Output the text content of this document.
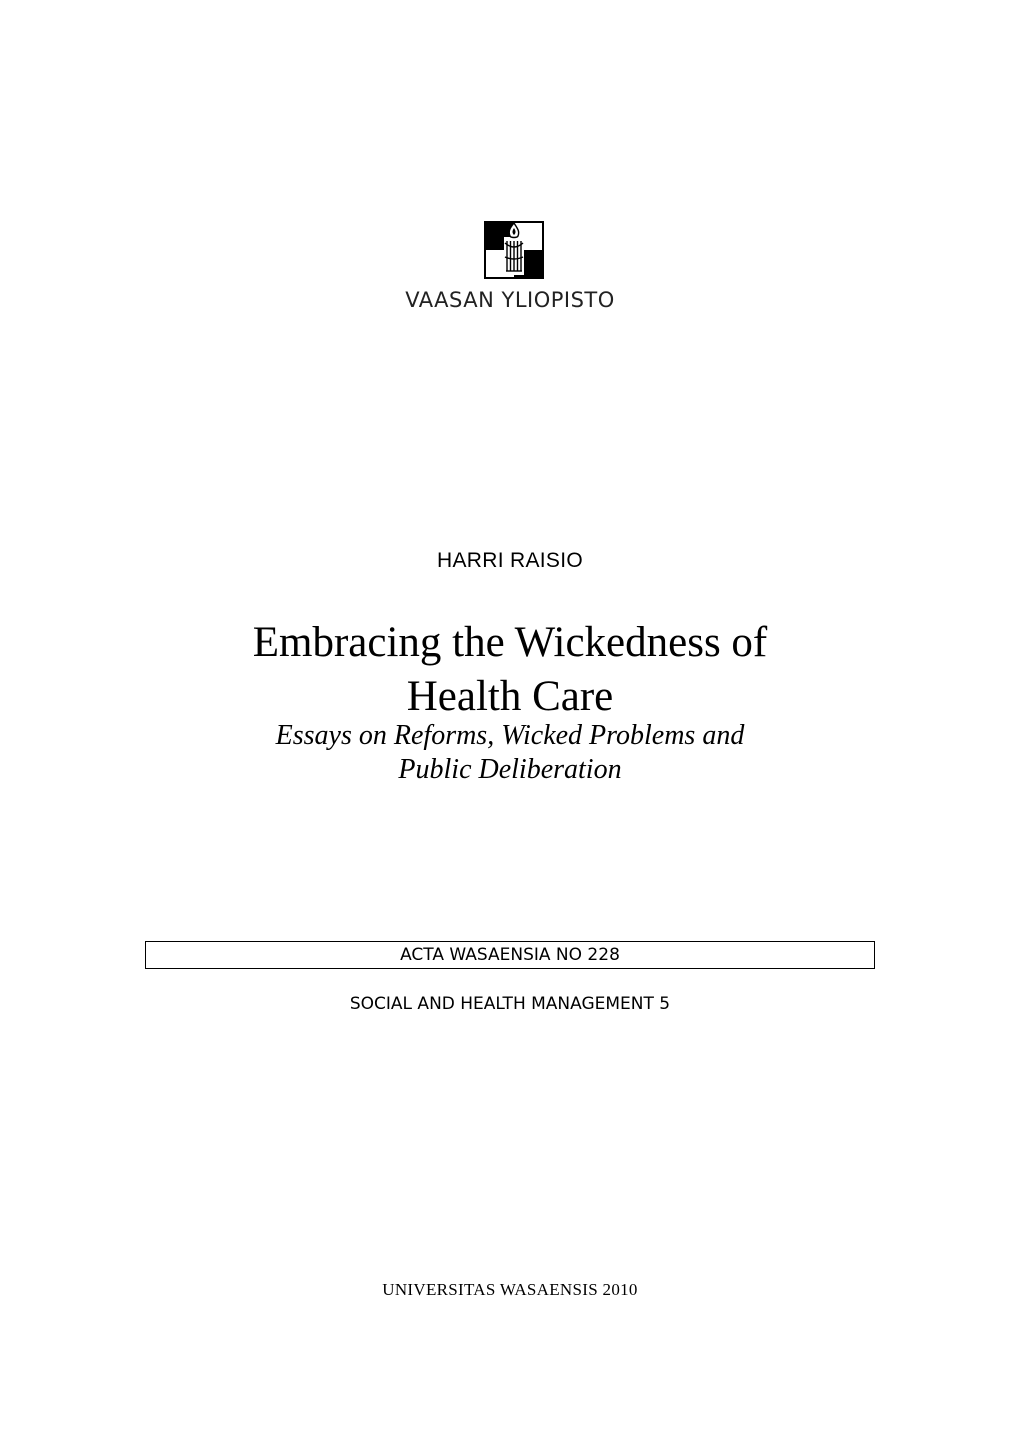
VAASAN YLIOPISTO
HARRI RAISIO
Embracing the Wickedness of
Health Care
Essays on Reforms, Wicked Problems and
Public Deliberation
ACTA WASAENSIA NO 228
SOCIAL AND HEALTH MANAGEMENT 5
UNIVERSITAS WASAENSIS 2010
